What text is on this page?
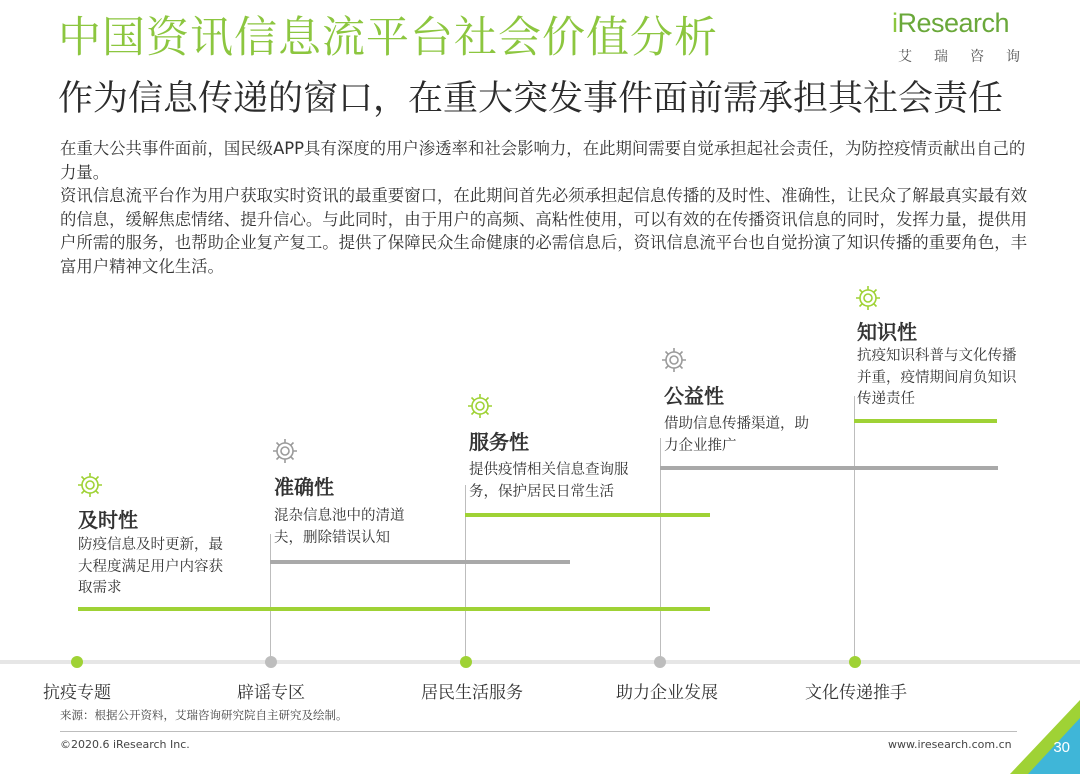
中国资讯信息流平台社会价值分析
作为信息传递的窗口，在重大突发事件面前需承担其社会责任
iResearch
艾瑞咨询
在重大公共事件面前，国民级APP具有深度的用户渗透率和社会影响力，在此期间需要自觉承担起社会责任，为防控疫情贡献出自己的力量。
资讯信息流平台作为用户获取实时资讯的最重要窗口，在此期间首先必须承担起信息传播的及时性、准确性，让民众了解最真实最有效的信息，缓解焦虑情绪、提升信心。与此同时，由于用户的高频、高粘性使用，可以有效的在传播资讯信息的同时，发挥力量，提供用户所需的服务，也帮助企业复产复工。提供了保障民众生命健康的必需信息后，资讯信息流平台也自觉扮演了知识传播的重要角色，丰富用户精神文化生活。
及时性
准确性
服务性
公益性
知识性
防疫信息及时更新，最大程度满足用户内容获取需求
混杂信息池中的清道夫，删除错误认知
提供疫情相关信息查询服务，保护居民日常生活
借助信息传播渠道，助力企业推广
抗疫知识科普与文化传播并重，疫情期间肩负知识传递责任
抗疫专题	辟谣专区	居民生活服务	助力企业发展	文化传递推手
来源：根据公开资料，艾瑞咨询研究院自主研究及绘制。
©2020.6 iResearch Inc.	www.iresearch.com.cn	30
